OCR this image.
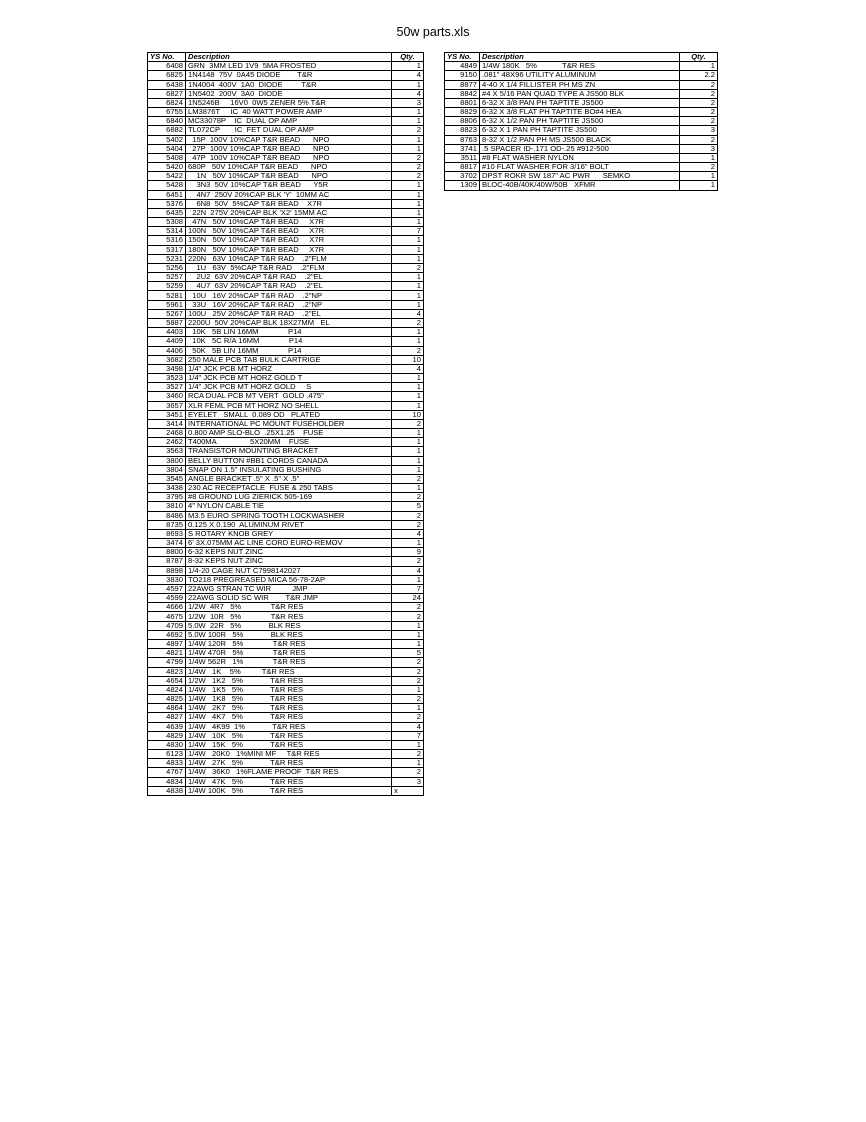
50w parts.xls
YS No.	Description	Qty.
6408	GRN  3MM LED 1V9  5MA FROSTED	1
6825	1N4148  75V  0A45 DIODE        T&R	4
6438	1N4004  400V  1A0  DIODE         T&R	1
6827	1N5402  200V  3A0  DIODE	4
6824	1N5246B     16V0  0W5 ZENER 5% T&R	3
6755	LM3876T     IC  40 WATT POWER AMP	1
6840	MC33078P    IC  DUAL OP AMP	1
6882	TL072CP       IC  FET DUAL OP AMP	2
5402	15P  100V 10%CAP T&R BEAD      NPO	1
5404	27P  100V 10%CAP T&R BEAD      NPO	1
5408	47P  100V 10%CAP T&R BEAD      NPO	2
5420	680P   50V 10%CAP T&R BEAD      NPO	2
5422	1N   50V 10%CAP T&R BEAD      NPO	2
5428	3N3  50V 10%CAP T&R BEAD      Y5R	1
6451	4N7  250V 20%CAP BLK 'Y'  10MM AC	1
5376	6N8  50V  5%CAP T&R BEAD    X7R	1
6435	22N  275V 20%CAP BLK 'X2' 15MM AC	1
5308	47N   50V 10%CAP T&R BEAD     X7R	1
5314	100N   50V 10%CAP T&R BEAD     X7R	7
5316	150N   50V 10%CAP T&R BEAD     X7R	1
5317	180N   50V 10%CAP T&R BEAD     X7R	1
5231	220N   63V 10%CAP T&R RAD    .2"FLM	1
5256	1U   63V  5%CAP T&R RAD    .2"FLM	2
5257	2U2  63V 20%CAP T&R RAD    .2"EL	1
5259	4U7  63V 20%CAP T&R RAD    .2"EL	1
5281	10U   16V 20%CAP T&R RAD    .2"NP	1
5961	33U   16V 20%CAP T&R RAD    .2"NP	1
5267	100U   25V 20%CAP T&R RAD    .2"EL	4
5887	2200U  50V 20%CAP BLK 18X27MM   EL	2
4403	10K   5B LIN 16MM              P14	1
4409	10K   5C R/A 16MM              P14	1
4406	50K   5B LIN 16MM              P14	2
3682	250 MALE PCB TAB BULK CARTRIGE	10
3498	1/4" JCK PCB MT HORZ	4
3523	1/4" JCK PCB MT HORZ GOLD T	1
3527	1/4" JCK PCB MT HORZ GOLD     S	1
3460	RCA DUAL PCB MT VERT  GOLD .475"	1
3657	XLR FEML PCB MT HORZ NO SHELL	1
3451	EYELET   SMALL  0.089 OD   PLATED	10
3414	INTERNATIONAL PC MOUNT FUSEHOLDER	2
2468	0.800 AMP SLO-BLO  .25X1.25    FUSE	1
2462	T400MA                5X20MM    FUSE	1
3563	TRANSISTOR MOUNTING BRACKET	1
3800	BELLY BUTTON #BB1 CORDS CANADA	1
3804	SNAP ON 1.5" INSULATING BUSHING	1
3545	ANGLE BRACKET .5" X .5" X .5"	2
3438	230 AC RECEPTACLE  FUSE & 250 TABS	1
3795	#8 GROUND LUG ZIERICK 505-169	2
3810	4" NYLON CABLE TIE	5
8486	M3.5 EURO SPRING TOOTH LOCKWASHER	2
8735	0.125 X 0.190  ALUMINUM RIVET	2
8693	S ROTARY KNOB GREY	4
3474	6' 3X.075MM AC LINE CORD EURO-REMOV	1
8800	6-32 KEPS NUT ZINC	9
8787	8-32 KEPS NUT ZINC	2
8898	1/4-20 CAGE NUT C7998142027	4
3830	TO218 PREGREASED MICA 56-78-2AP	1
4597	22AWG STRAN TC WIR          JMP	7
4599	22AWG SOLID SC WIR        T&R JMP	24
4666	1/2W  4R7   5%              T&R RES	2
4675	1/2W  10R   5%              T&R RES	2
4709	5.0W  22R   5%             BLK RES	1
4692	5.0W 100R   5%             BLK RES	1
4897	1/4W 120R   5%              T&R RES	1
4821	1/4W 470R   5%              T&R RES	5
4799	1/4W 562R   1%              T&R RES	2
4823	1/4W   1K    5%          T&R RES	2
4654	1/2W   1K2   5%             T&R RES	2
4824	1/4W   1K5   5%             T&R RES	1
4825	1/4W   1K8   5%             T&R RES	2
4864	1/4W   2K7   5%             T&R RES	1
4827	1/4W   4K7   5%             T&R RES	2
4639	1/4W   4K99  1%             T&R RES	4
4829	1/4W   10K   5%             T&R RES	7
4830	1/4W   15K   5%             T&R RES	1
6123	1/4W   20K0   1%MINI MF     T&R RES	2
4833	1/4W   27K   5%             T&R RES	1
4767	1/4W   36K0   1%FLAME PROOF  T&R RES	2
4834	1/4W   47K   5%             T&R RES	3
4838	1/4W 100K   5%             T&R RES	x
YS No.	Description	Qty.
4849	1/4W 180K   5%            T&R RES	1
9150	.081" 48X96 UTILITY ALUMINUM	2.2
8877	4-40 X 1/4 FILLISTER PH MS ZN	2
8842	#4 X 5/16 PAN QUAD TYPE A JS500 BLK	2
8801	6-32 X 3/8 PAN PH TAPTITE JS500	2
8829	6-32 X 3/8 FLAT PH TAPTITE BO#4 HEA	2
8806	6-32 X 1/2 PAN PH TAPTITE JS500	2
8823	6-32 X 1 PAN PH TAPTITE JS500	3
8763	8-32 X 1/2 PAN PH MS JS500 BLACK	2
3741	.5 SPACER ID-.171 OD-.25 #912-500	3
3511	#8 FLAT WASHER NYLON	1
8817	#10 FLAT WASHER FOR 3/16" BOLT	2
3702	DPST ROKR SW 187" AC PWR      SEMKO	1
1309	BLOC-40B/40K/40W/50B   XFMR	1
